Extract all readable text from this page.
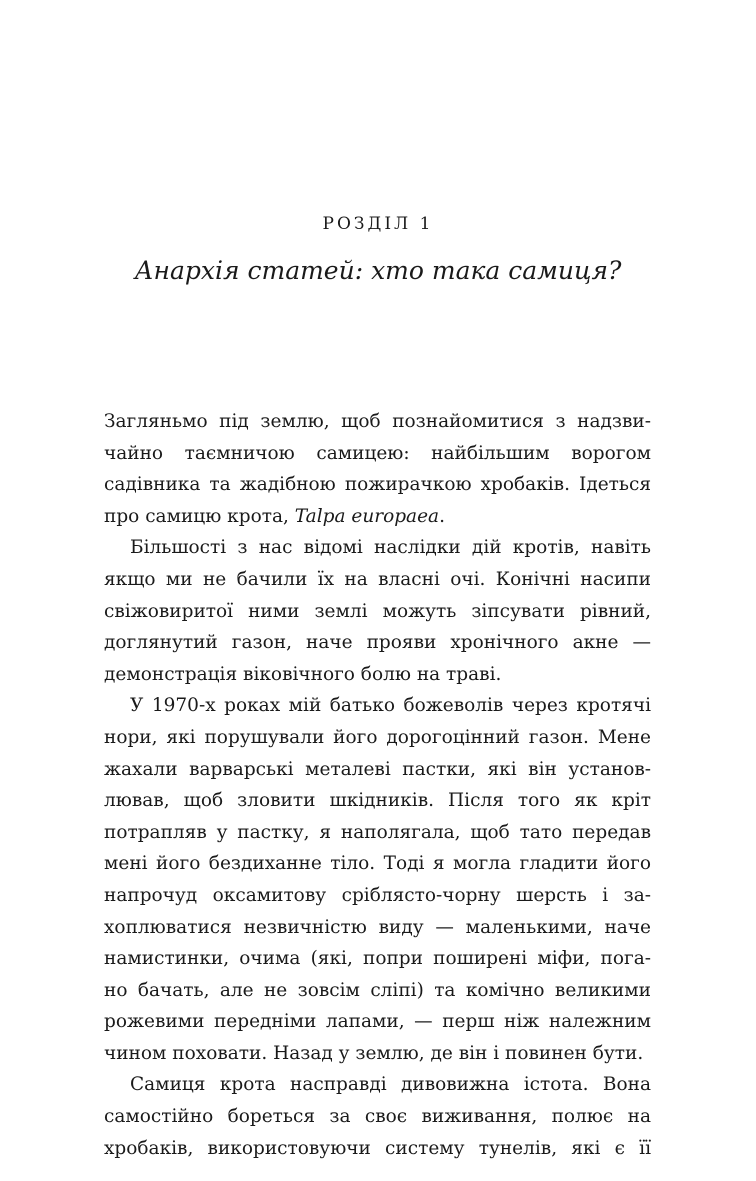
РОЗДІЛ 1
Анархія статей: хто така самиця?
Загляньмо під землю, щоб познайомитися з надзви-
чайно таємничою самицею: найбільшим ворогом
садівника та жадібною пожирачкою хробаків. Ідеться
про самицю крота, Talpa europaea.
Більшості з нас відомі наслідки дій кротів, навіть
якщо ми не бачили їх на власні очі. Конічні насипи
свіжовиритої ними землі можуть зіпсувати рівний,
доглянутий газон, наче прояви хронічного акне —
демонстрація віковічного болю на траві.
У 1970-х роках мій батько божеволів через кротячі
нори, які порушували його дорогоцінний газон. Мене
жахали варварські металеві пастки, які він установ-
лював, щоб зловити шкідників. Після того як кріт
потрапляв у пастку, я наполягала, щоб тато передав
мені його бездиханне тіло. Тоді я могла гладити його
напрочуд оксамитову сріблясто-чорну шерсть і за-
хоплюватися незвичністю виду — маленькими, наче
намистинки, очима (які, попри поширені міфи, пога-
но бачать, але не зовсім сліпі) та комічно великими
рожевими передніми лапами, — перш ніж належним
чином поховати. Назад у землю, де він і повинен бути.
Самиця крота насправді дивовижна істота. Вона
самостійно бореться за своє виживання, полює на
хробаків, використовуючи систему тунелів, які є її
